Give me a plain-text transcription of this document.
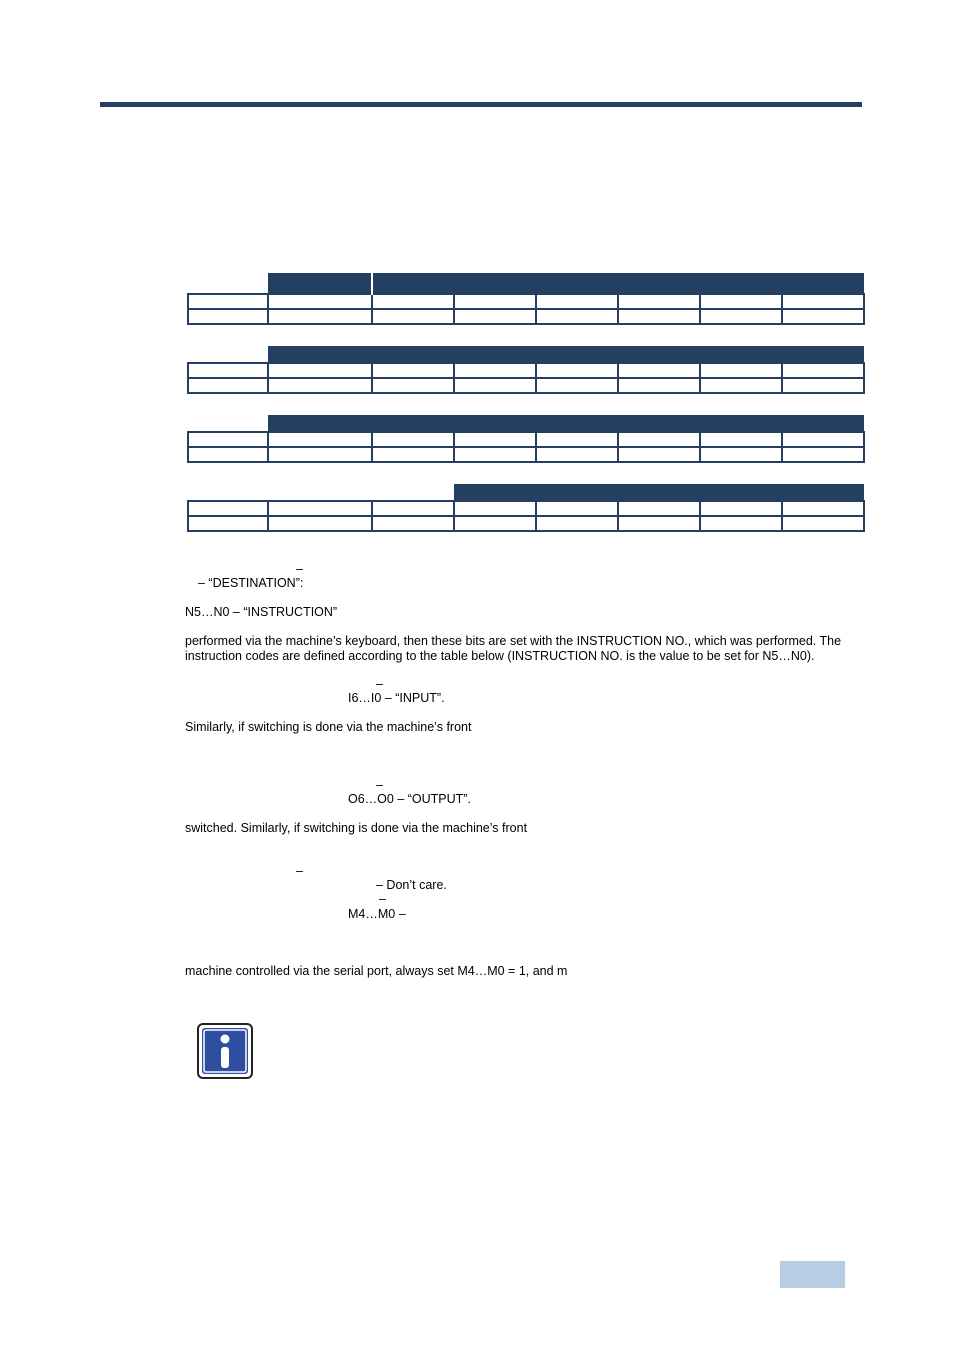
–
– “DESTINATION”:
N5…N0 – “INSTRUCTION”
performed via the machine’s keyboard, then these bits are set with the INSTRUCTION NO., which was performed. The
instruction codes are defined according to the table below (INSTRUCTION NO. is the value to be set for N5…N0).
–
I6…I0 – “INPUT”.
Similarly, if switching is done via the machine’s front
–
O6…O0 – “OUTPUT”.
switched. Similarly, if switching is done via the machine’s front
–
– Don’t care.
–
M4…M0 –
machine controlled via the serial port, always set M4…M0 = 1, and m
